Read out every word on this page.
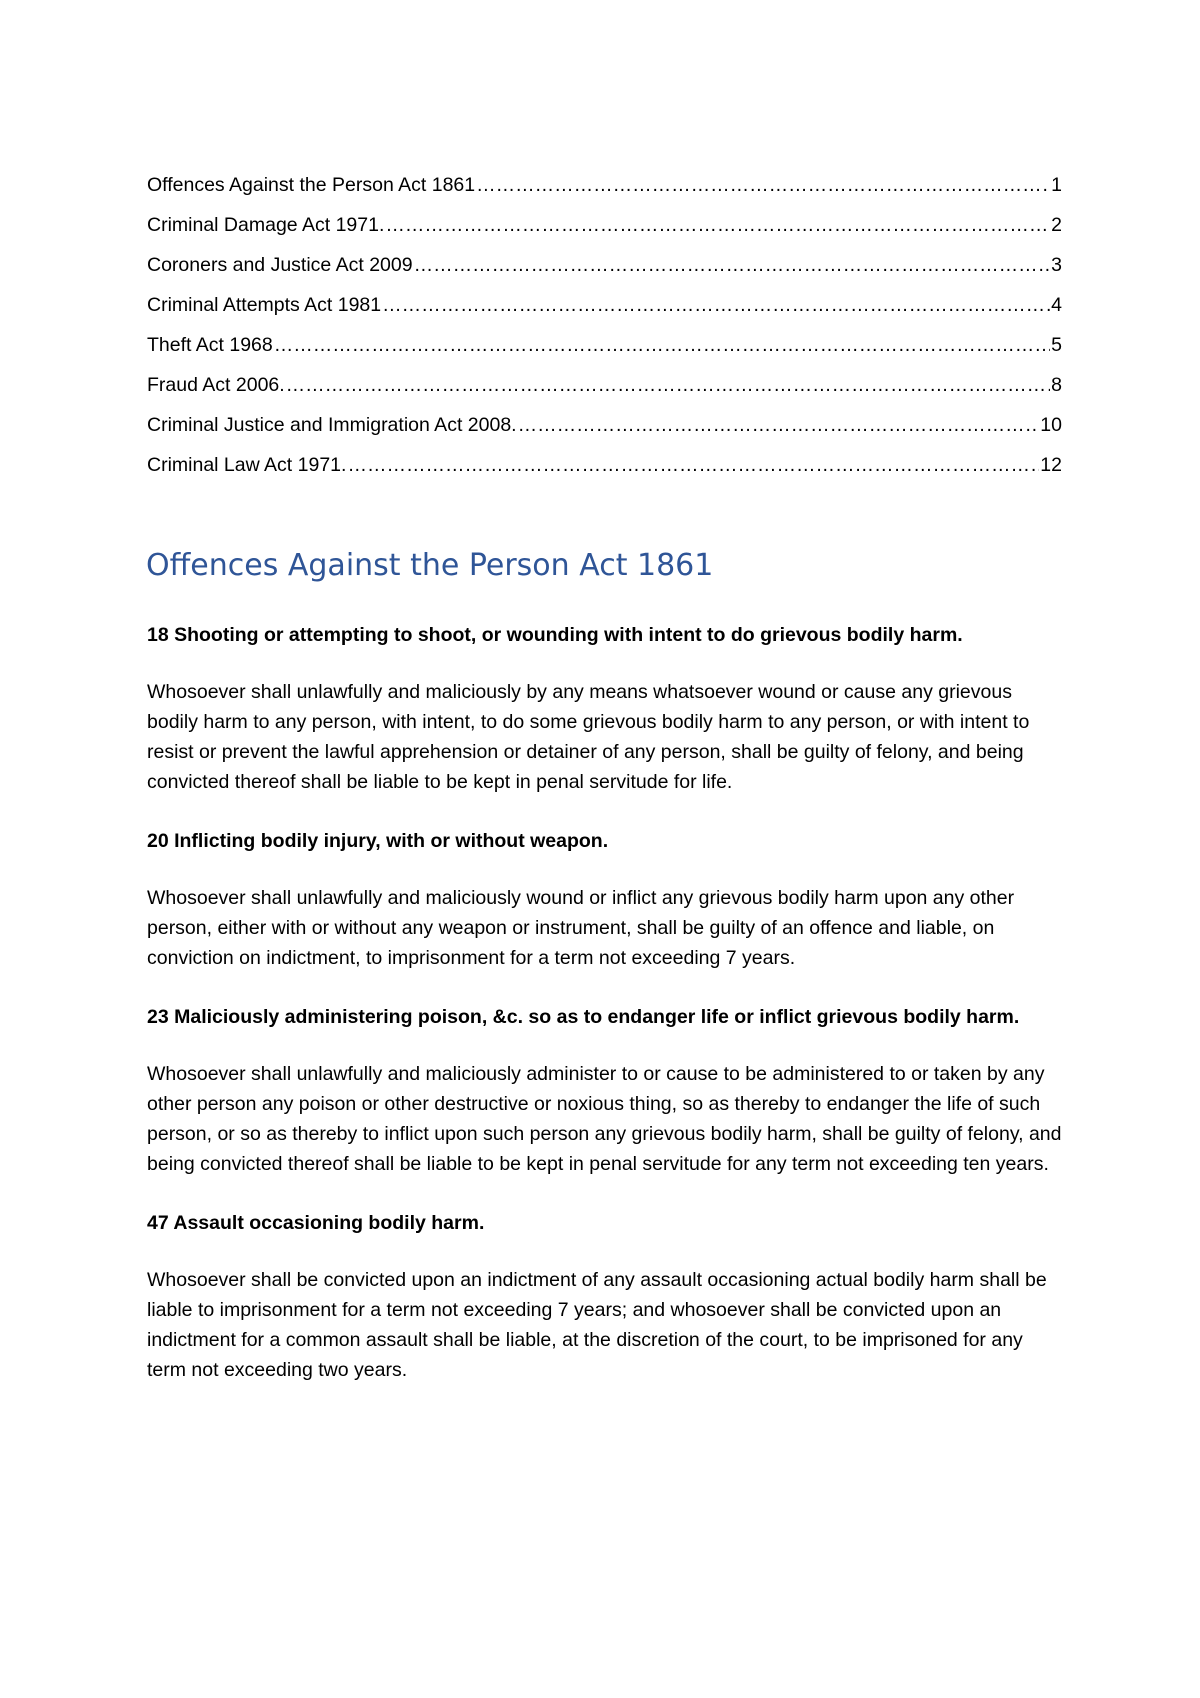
Offences Against the Person Act 1861 ……………………………………………………………………………………………………………………………………………………………………………………………………………………………………………………………………	1
Criminal Damage Act 1971. ……………………………………………………………………………………………………………………………………………………………………………………………………………………………………………………………………	2
Coroners and Justice Act 2009 ……………………………………………………………………………………………………………………………………………………………………………………………………………………………………………………………………	3
Criminal Attempts Act 1981 ……………………………………………………………………………………………………………………………………………………………………………………………………………………………………………………………………	4
Theft Act 1968 ……………………………………………………………………………………………………………………………………………………………………………………………………………………………………………………………………	5
Fraud Act 2006. ……………………………………………………………………………………………………………………………………………………………………………………………………………………………………………………………………	8
Criminal Justice and Immigration Act 2008. ……………………………………………………………………………………………………………………………………………………………………………………………………………………………………………………………………	10
Criminal Law Act 1971. ……………………………………………………………………………………………………………………………………………………………………………………………………………………………………………………………………	12
Offences Against the Person Act 1861

18 Shooting or attempting to shoot, or wounding with intent to do grievous bodily harm.

Whosoever shall unlawfully and maliciously by any means whatsoever wound or cause any grievous bodily harm to any person, with intent, to do some grievous bodily harm to any person, or with intent to resist or prevent the lawful apprehension or detainer of any person, shall be guilty of felony, and being convicted thereof shall be liable to be kept in penal servitude for life.

20 Inflicting bodily injury, with or without weapon.

Whosoever shall unlawfully and maliciously wound or inflict any grievous bodily harm upon any other person, either with or without any weapon or instrument, shall be guilty of an offence and liable, on conviction on indictment, to imprisonment for a term not exceeding 7 years.

23 Maliciously administering poison, &c. so as to endanger life or inflict grievous bodily harm.

Whosoever shall unlawfully and maliciously administer to or cause to be administered to or taken by any other person any poison or other destructive or noxious thing, so as thereby to endanger the life of such person, or so as thereby to inflict upon such person any grievous bodily harm, shall be guilty of felony, and being convicted thereof shall be liable to be kept in penal servitude for any term not exceeding ten years.

47 Assault occasioning bodily harm.

Whosoever shall be convicted upon an indictment of any assault occasioning actual bodily harm shall be liable to imprisonment for a term not exceeding 7 years; and whosoever shall be convicted upon an indictment for a common assault shall be liable, at the discretion of the court, to be imprisoned for any term not exceeding two years.
